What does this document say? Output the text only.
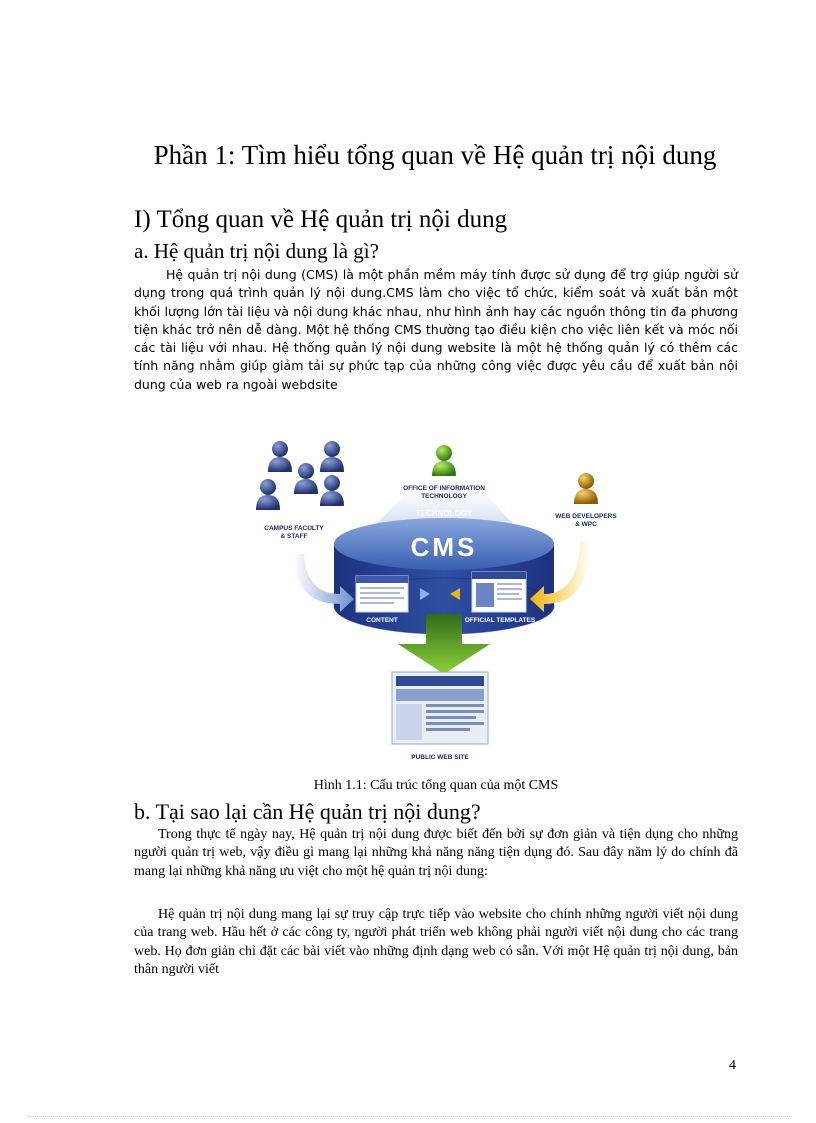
Phần 1: Tìm hiểu tổng quan về Hệ quản trị nội dung
I) Tổng quan về Hệ quản trị nội dung
a. Hệ quản trị nội dung là gì?

Hệ quản trị nội dung (CMS) là một phần mềm máy tính được sử dụng để trợ giúp người sử dụng trong quá trình quản lý nội dung.CMS làm cho việc tổ chức, kiểm soát và xuất bản một khối lượng lớn tài liệu và nội dung khác nhau, như hình ảnh hay các nguồn thông tin đa phương tiện khác trở nên dễ dàng. Một hệ thống CMS thường tạo điều kiện cho việc liên kết và móc nối các tài liệu với nhau. Hệ thống quản lý nội dung website là một hệ thống quản lý có thêm các tính năng nhằm giúp giảm tải sự phức tạp của những công việc được yêu cầu để xuất bản nội dung của web ra ngoài webdsite

TECHNOLOGY
CMS
CONTENT	OFFICIAL TEMPLATES
PUBLIC WEB SITE
CAMPUS FACULTY
& STAFF
OFFICE OF INFORMATION
TECHNOLOGY
WEB DEVELOPERS
& WPC

Hình 1.1: Cấu trúc tổng quan của một CMS

b. Tại sao lại cần Hệ quản trị nội dung?

Trong thực tế ngày nay, Hệ quản trị nội dung được biết đến bởi sự đơn giản và tiện dụng cho những người quản trị web, vậy điều gì mang lại những khả năng năng tiện dụng đó. Sau đây năm lý do chính đã mang lại những khả năng ưu việt cho một hệ quản trị nội dung:

Hệ quản trị nội dung mang lại sự truy cập trực tiếp vào website cho chính những người viết nội dung của trang web. Hầu hết ở các công ty, người phát triển web không phải người viết nội dung cho các trang web. Họ đơn giản chỉ đặt các bài viết vào những định dạng web có sẵn. Với một Hệ quản trị nội dung, bản thân người viết

4
